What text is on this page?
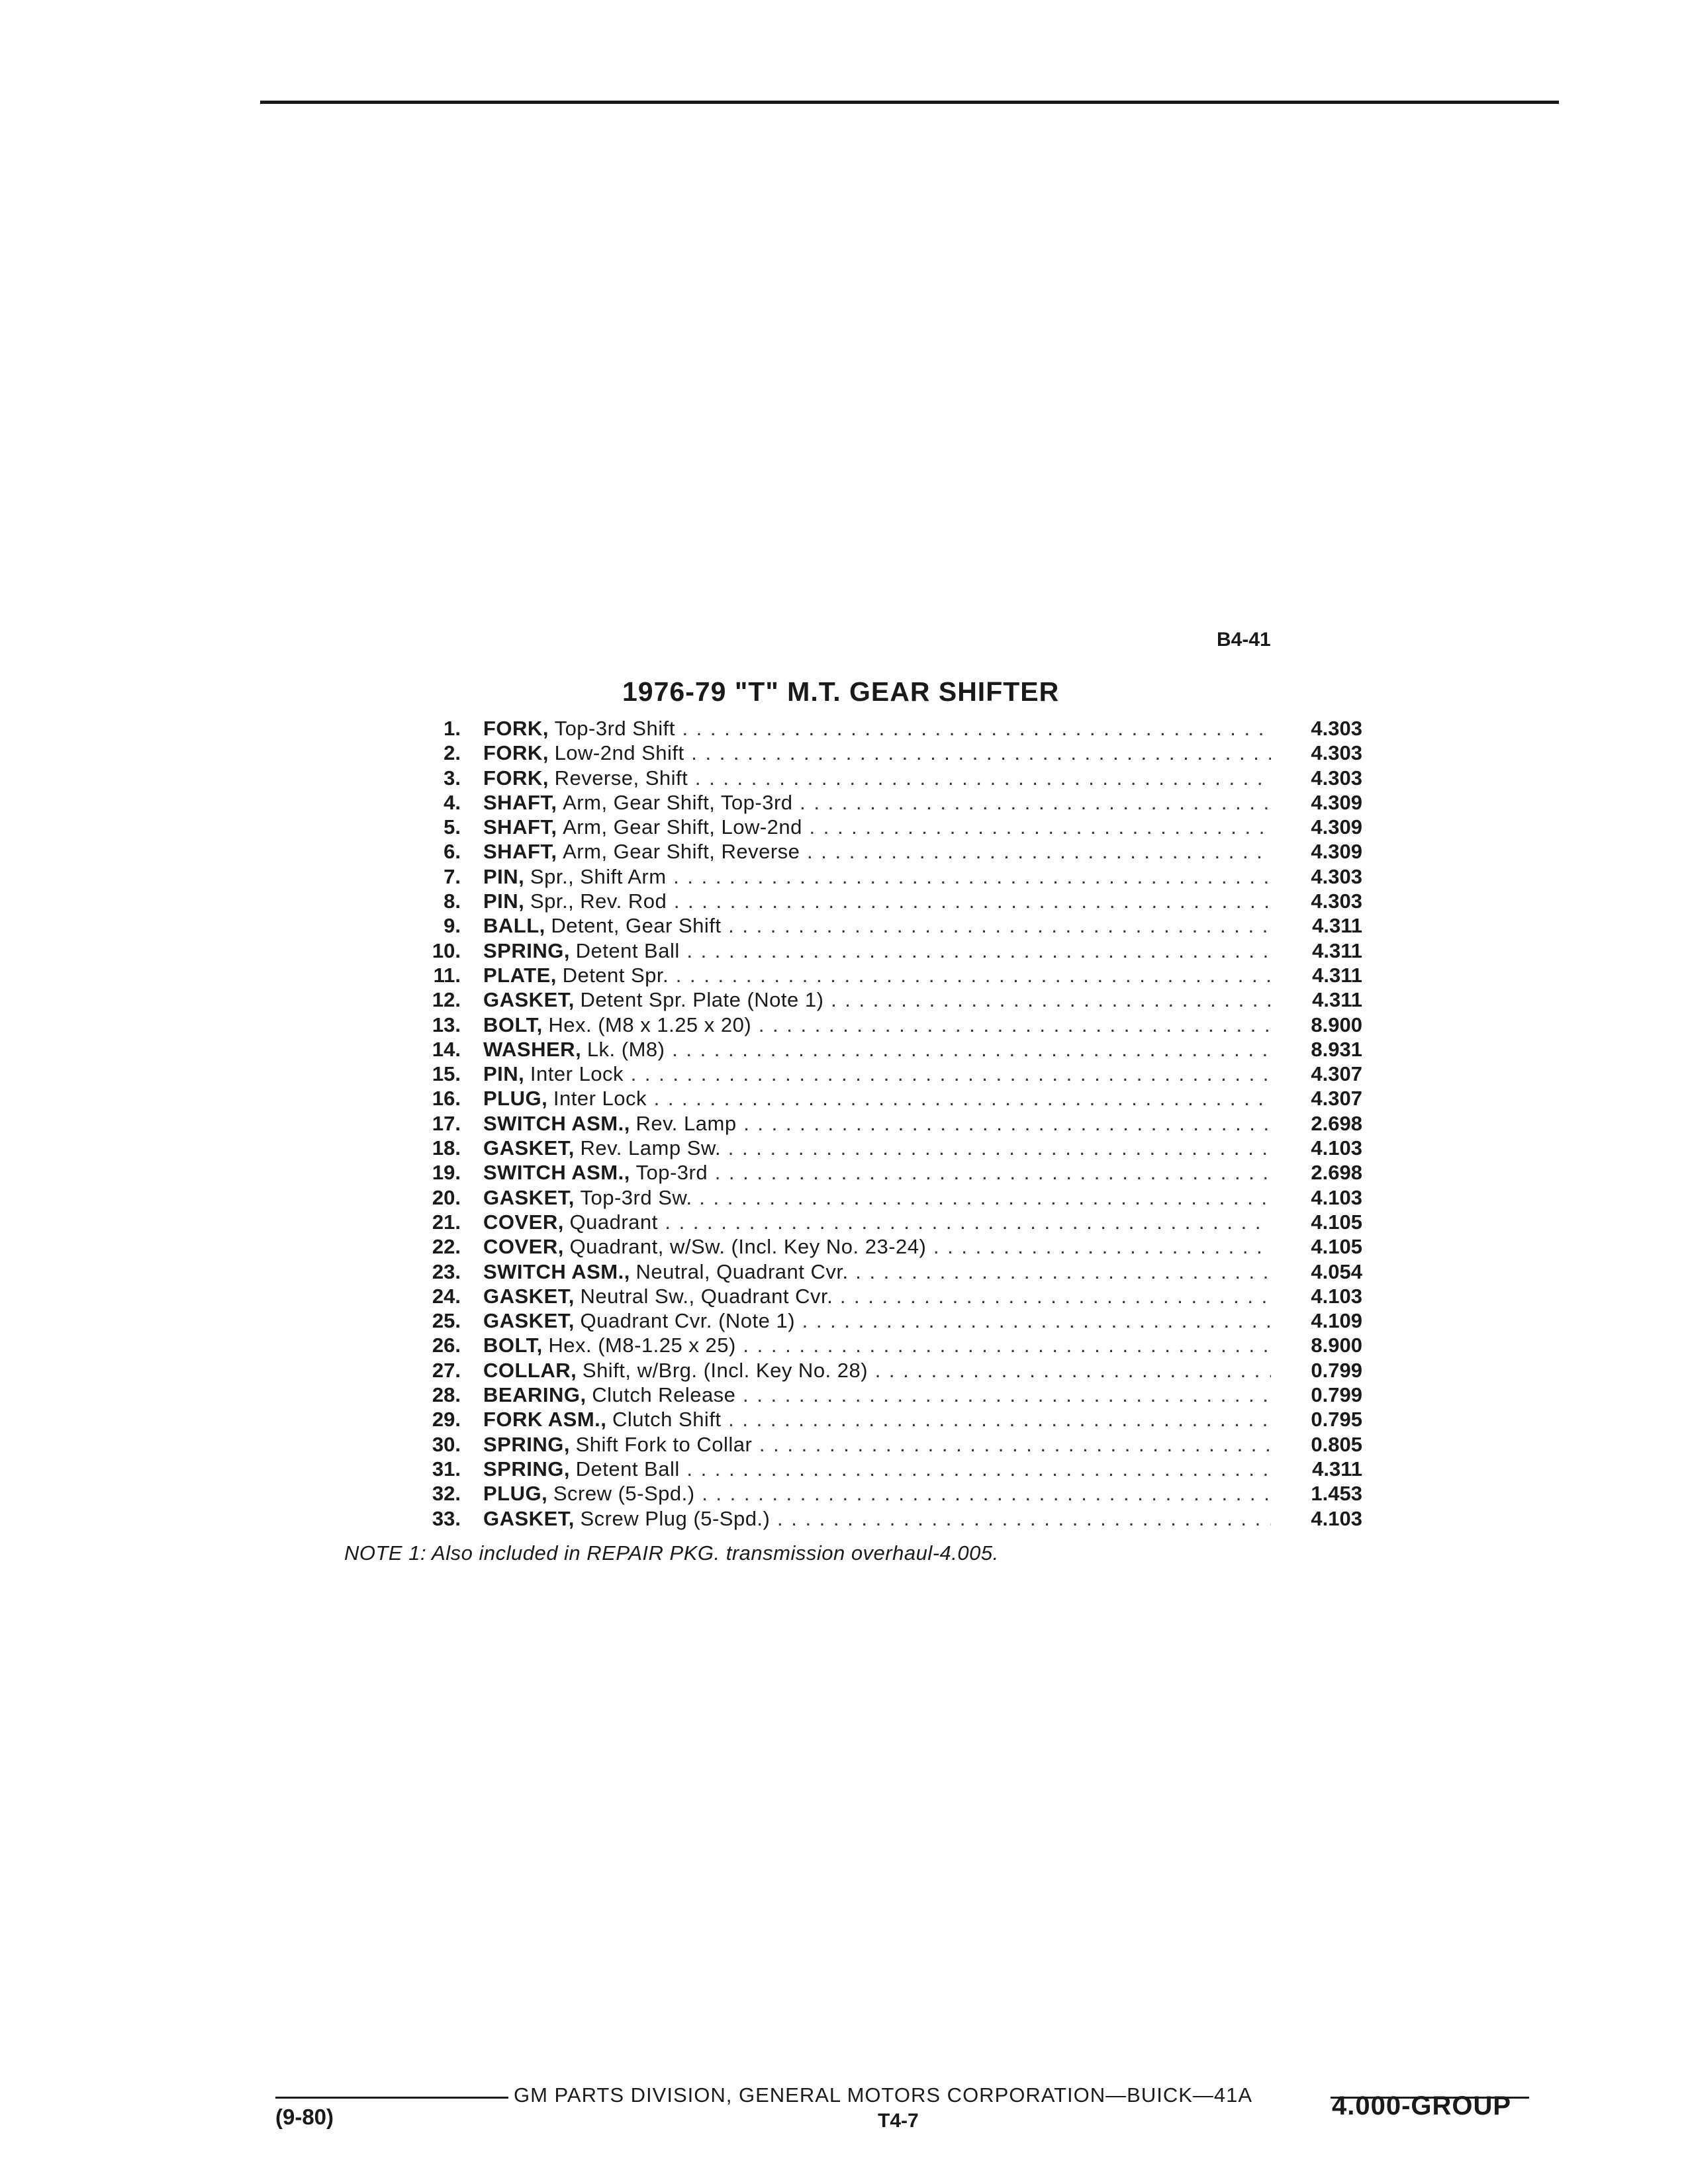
B4-41
1976-79 "T" M.T. GEAR SHIFTER
1. FORK, Top-3rd Shift . . .	4.303
2. FORK, Low-2nd Shift . . .	4.303
3. FORK, Reverse, Shift . . .	4.303
4. SHAFT, Arm, Gear Shift, Top-3rd . . .	4.309
5. SHAFT, Arm, Gear Shift, Low-2nd . . .	4.309
6. SHAFT, Arm, Gear Shift, Reverse . . .	4.309
7. PIN, Spr., Shift Arm . . .	4.303
8. PIN, Spr., Rev. Rod . . .	4.303
9. BALL, Detent, Gear Shift . . .	4.311
10. SPRING, Detent Ball . . .	4.311
11. PLATE, Detent Spr. . . .	4.311
12. GASKET, Detent Spr. Plate (Note 1) . . .	4.311
13. BOLT, Hex. (M8 x 1.25 x 20) . . .	8.900
14. WASHER, Lk. (M8) . . .	8.931
15. PIN, Inter Lock . . .	4.307
16. PLUG, Inter Lock . . .	4.307
17. SWITCH ASM., Rev. Lamp . . .	2.698
18. GASKET, Rev. Lamp Sw. . . .	4.103
19. SWITCH ASM., Top-3rd . . .	2.698
20. GASKET, Top-3rd Sw. . . .	4.103
21. COVER, Quadrant . . .	4.105
22. COVER, Quadrant, w/Sw. (Incl. Key No. 23-24) . . .	4.105
23. SWITCH ASM., Neutral, Quadrant Cvr. . . .	4.054
24. GASKET, Neutral Sw., Quadrant Cvr. . . .	4.103
25. GASKET, Quadrant Cvr. (Note 1) . . .	4.109
26. BOLT, Hex. (M8-1.25 x 25) . . .	8.900
27. COLLAR, Shift, w/Brg. (Incl. Key No. 28) . . .	0.799
28. BEARING, Clutch Release . . .	0.799
29. FORK ASM., Clutch Shift . . .	0.795
30. SPRING, Shift Fork to Collar . . .	0.805
31. SPRING, Detent Ball . . .	4.311
32. PLUG, Screw (5-Spd.) . . .	1.453
33. GASKET, Screw Plug (5-Spd.) . . .	4.103
NOTE 1: Also included in REPAIR PKG. transmission overhaul-4.005.
GM PARTS DIVISION, GENERAL MOTORS CORPORATION—BUICK—41A
(9-80)	T4-7
4.000-GROUP
